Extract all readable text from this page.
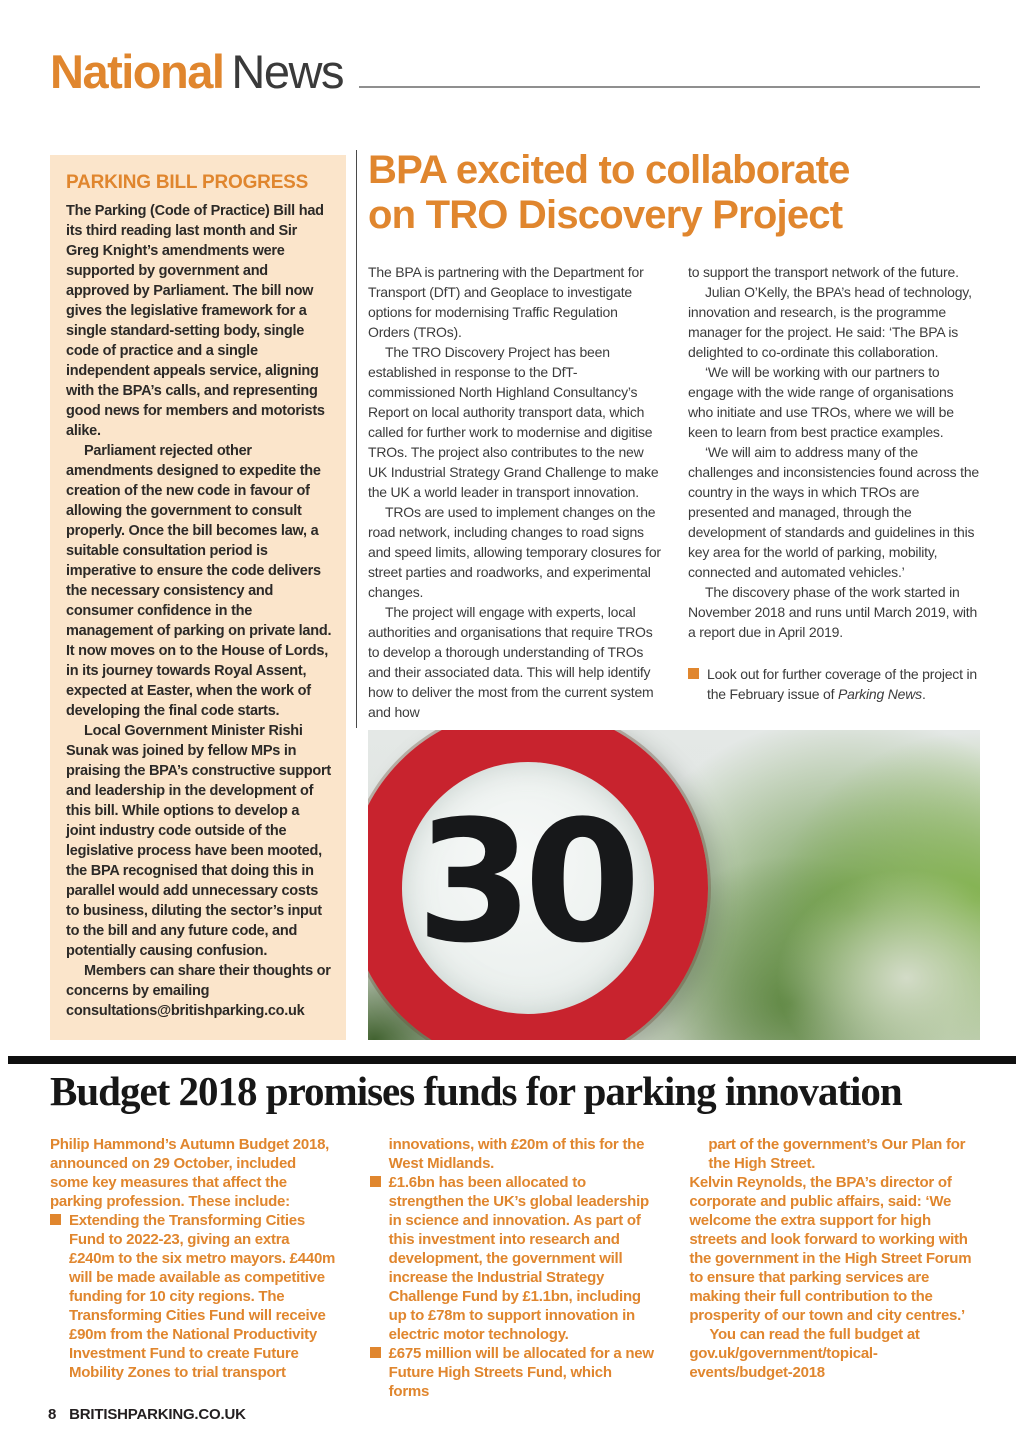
National News
PARKING BILL PROGRESS

The Parking (Code of Practice) Bill had its third reading last month and Sir Greg Knight’s amendments were supported by government and approved by Parliament. The bill now gives the legislative framework for a single standard-setting body, single code of practice and a single independent appeals service, aligning with the BPA’s calls, and representing good news for members and motorists alike.

Parliament rejected other amendments designed to expedite the creation of the new code in favour of allowing the government to consult properly. Once the bill becomes law, a suitable consultation period is imperative to ensure the code delivers the necessary consistency and consumer confidence in the management of parking on private land. It now moves on to the House of Lords, in its journey towards Royal Assent, expected at Easter, when the work of developing the final code starts.

Local Government Minister Rishi Sunak was joined by fellow MPs in praising the BPA’s constructive support and leadership in the development of this bill. While options to develop a joint industry code outside of the legislative process have been mooted, the BPA recognised that doing this in parallel would add unnecessary costs to business, diluting the sector’s input to the bill and any future code, and potentially causing confusion.

Members can share their thoughts or concerns by emailing consultations@britishparking.co.uk

BPA excited to collaborate
on TRO Discovery Project

The BPA is partnering with the Department for Transport (DfT) and Geoplace to investigate options for modernising Traffic Regulation Orders (TROs).

The TRO Discovery Project has been established in response to the DfT-commissioned North Highland Consultancy’s Report on local authority transport data, which called for further work to modernise and digitise TROs. The project also contributes to the new UK Industrial Strategy Grand Challenge to make the UK a world leader in transport innovation.

TROs are used to implement changes on the road network, including changes to road signs and speed limits, allowing temporary closures for street parties and roadworks, and experimental changes.

The project will engage with experts, local authorities and organisations that require TROs to develop a thorough understanding of TROs and their associated data. This will help identify how to deliver the most from the current system and how

to support the transport network of the future.

Julian O’Kelly, the BPA’s head of technology, innovation and research, is the programme manager for the project. He said: ‘The BPA is delighted to co-ordinate this collaboration.

‘We will be working with our partners to engage with the wide range of organisations who initiate and use TROs, where we will be keen to learn from best practice examples.

‘We will aim to address many of the challenges and inconsistencies found across the country in the ways in which TROs are presented and managed, through the development of standards and guidelines in this key area for the world of parking, mobility, connected and automated vehicles.’

The discovery phase of the work started in November 2018 and runs until March 2019, with a report due in April 2019.

Look out for further coverage of the project in the February issue of Parking News.

30
Budget 2018 promises funds for parking innovation

Philip Hammond’s Autumn Budget 2018, announced on 29 October, included some key measures that affect the parking profession. These include:

Extending the Transforming Cities Fund to 2022-23, giving an extra £240m to the six metro mayors. £440m will be made available as competitive funding for 10 city regions. The Transforming Cities Fund will receive £90m from the National Productivity Investment Fund to create Future Mobility Zones to trial transport

innovations, with £20m of this for the West Midlands.

£1.6bn has been allocated to strengthen the UK’s global leadership in science and innovation. As part of this investment into research and development, the government will increase the Industrial Strategy Challenge Fund by £1.1bn, including up to £78m to support innovation in electric motor technology.

£675 million will be allocated for a new Future High Streets Fund, which forms

part of the government’s Our Plan for the High Street.

Kelvin Reynolds, the BPA’s director of corporate and public affairs, said: ‘We welcome the extra support for high streets and look forward to working with the government in the High Street Forum to ensure that parking services are making their full contribution to the prosperity of our town and city centres.’

You can read the full budget at gov.uk/government/topical-events/budget-2018

8 BRITISHPARKING.CO.UK
